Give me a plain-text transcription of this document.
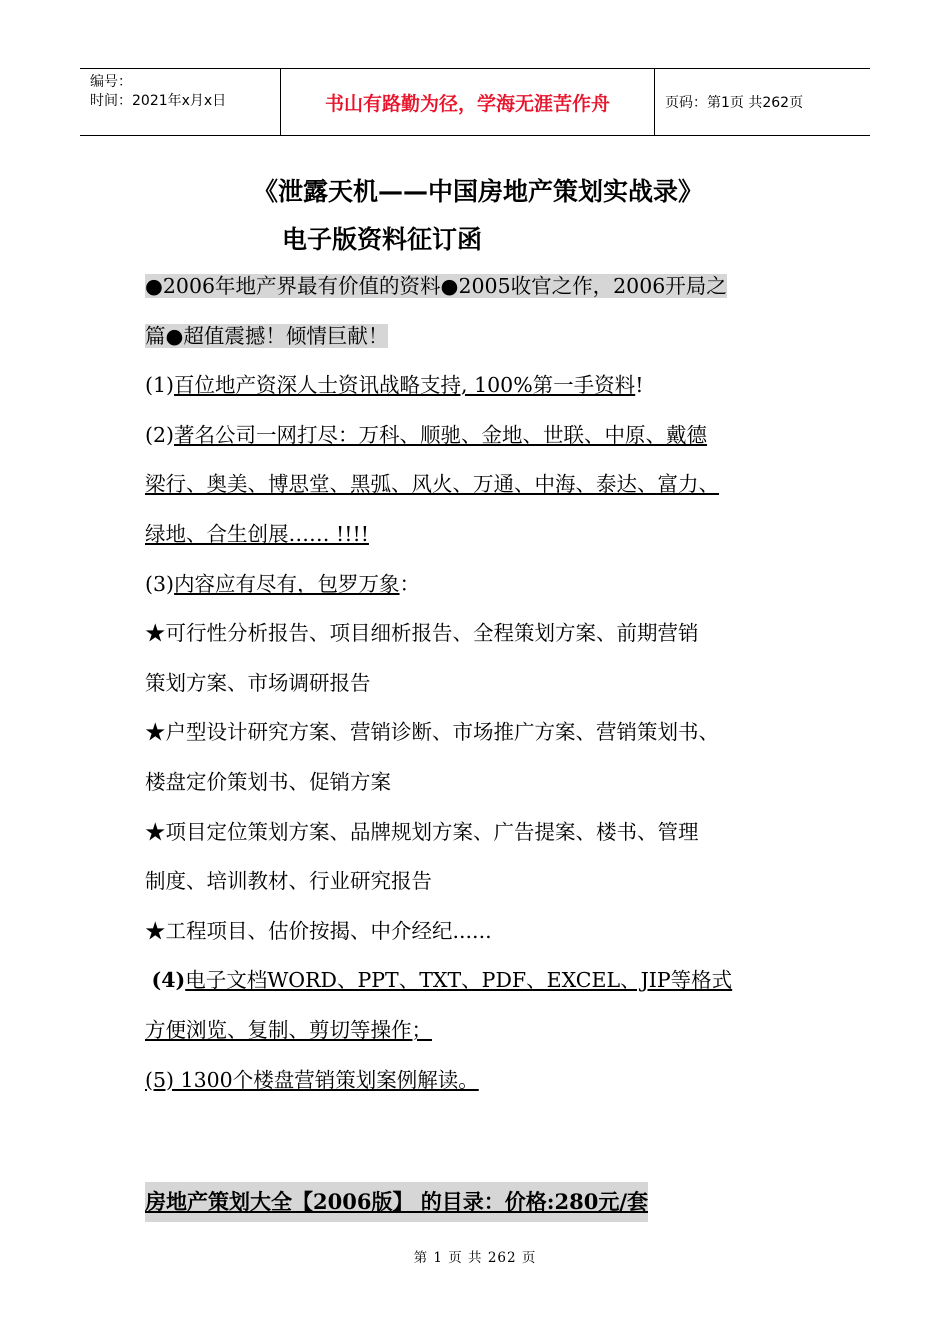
编号：
时间：2021年x月x日	书山有路勤为径，学海无涯苦作舟	页码：第1页 共262页
《泄露天机——中国房地产策划实战录》
电子版资料征订函

●2006年地产界最有价值的资料●2005收官之作，2006开局之

篇●超值震撼！倾情巨献！

(1)百位地产资深人士资讯战略支持, 100%第一手资料!

(2)著名公司一网打尽：万科、顺驰、金地、世联、中原、戴德

梁行、奥美、博思堂、黑弧、风火、万通、中海、泰达、富力、

绿地、合生创展…… !!!!

(3)内容应有尽有，包罗万象：

★可行性分析报告、项目细析报告、全程策划方案、前期营销

策划方案、市场调研报告

★户型设计研究方案、营销诊断、市场推广方案、营销策划书、

楼盘定价策划书、促销方案

★项目定位策划方案、品牌规划方案、广告提案、楼书、管理

制度、培训教材、行业研究报告

★工程项目、估价按揭、中介经纪......

(4)电子文档WORD、PPT、TXT、PDF、EXCEL、JIP等格式

方便浏览、复制、剪切等操作；

(5) 1300个楼盘营销策划案例解读。

房地产策划大全【2006版】 的目录：价格:280元/套
第 1 页 共 262 页
